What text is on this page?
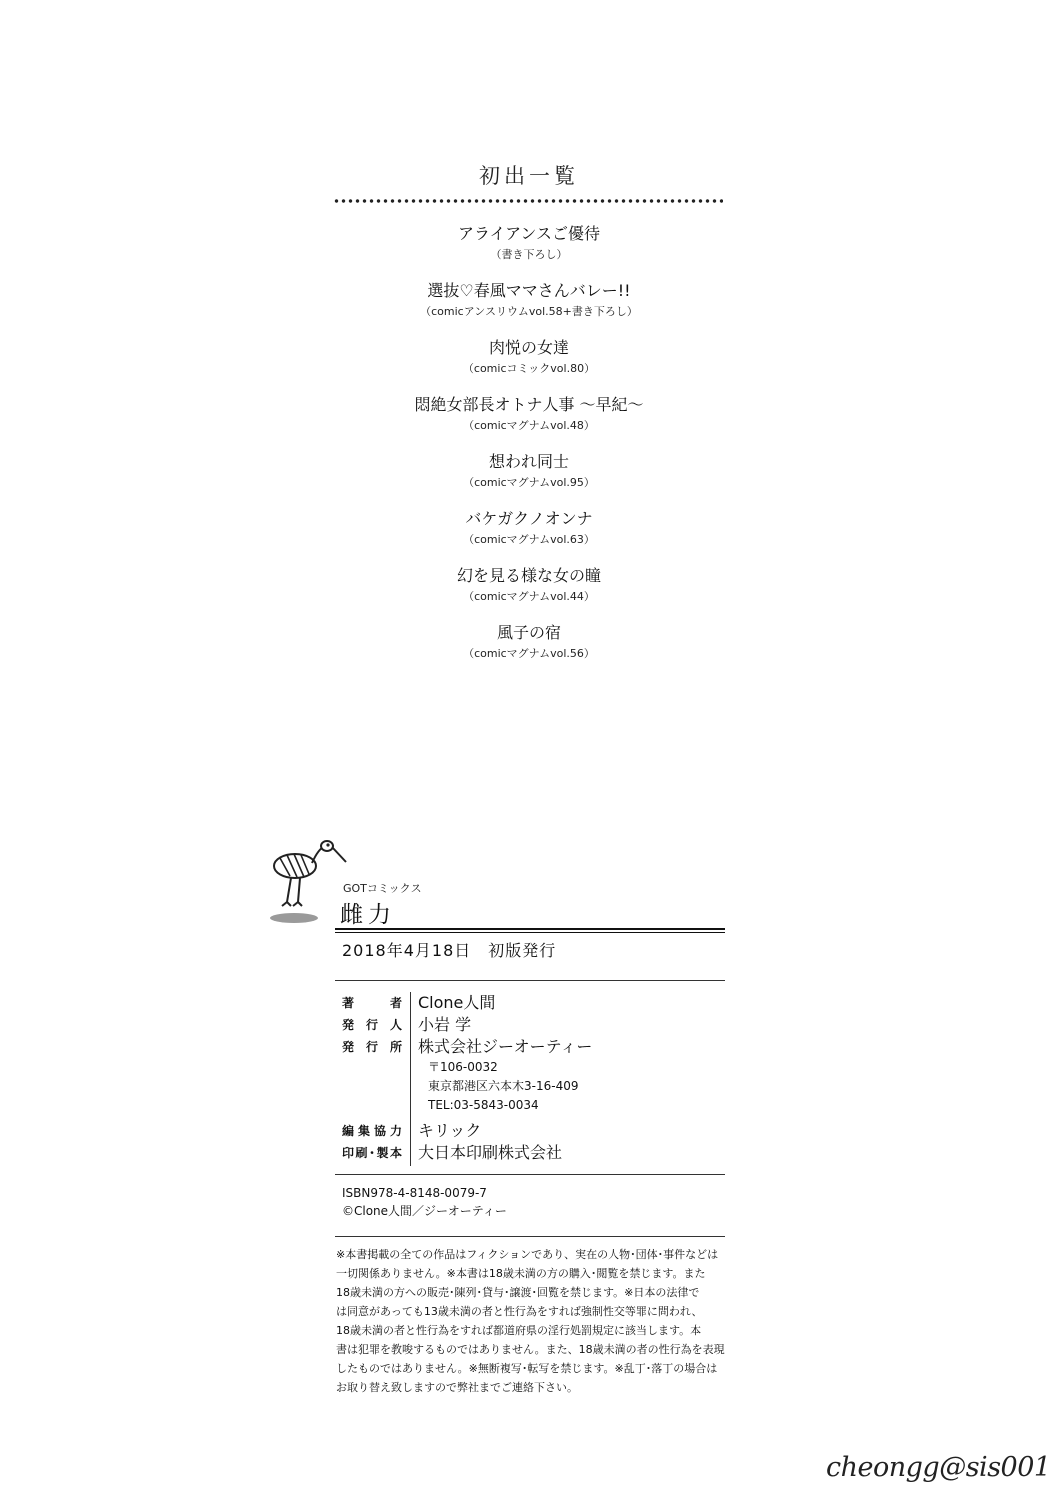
初出一覧
アライアンスご優待
（書き下ろし）
選抜♡春風ママさんバレー!!
（comicアンスリウムvol.58+書き下ろし）
肉悦の女達
（comicコミックvol.80）
悶絶女部長オトナ人事 ～早紀～
（comicマグナムvol.48）
想われ同士
（comicマグナムvol.95）
バケガクノオンナ
（comicマグナムvol.63）
幻を見る様な女の瞳
（comicマグナムvol.44）
風子の宿
（comicマグナムvol.56）
GOTコミックス
雌力
2018年4月18日　初版発行
著	者 Clone人間
発 行 人 小岩 学
発 行 所 株式会社ジーオーティー
〒106-0032
東京都港区六本木3-16-409
TEL:03-5843-0034
編 集 協 力 キリック
印 刷 ･ 製 本 大日本印刷株式会社
ISBN978-4-8148-0079-7
©Clone人間／ジーオーティー
※本書掲載の全ての作品はフィクションであり、実在の人物･団体･事件などは
一切関係ありません。※本書は18歳未満の方の購入･閲覧を禁じます。また
18歳未満の方への販売･陳列･貸与･譲渡･回覧を禁じます。※日本の法律で
は同意があっても13歳未満の者と性行為をすれば強制性交等罪に問われ、
18歳未満の者と性行為をすれば都道府県の淫行処罰規定に該当します。本
書は犯罪を教唆するものではありません。また、18歳未満の者の性行為を表現
したものではありません。※無断複写･転写を禁じます。※乱丁･落丁の場合は
お取り替え致しますので弊社までご連絡下さい。
cheongg@sis001
